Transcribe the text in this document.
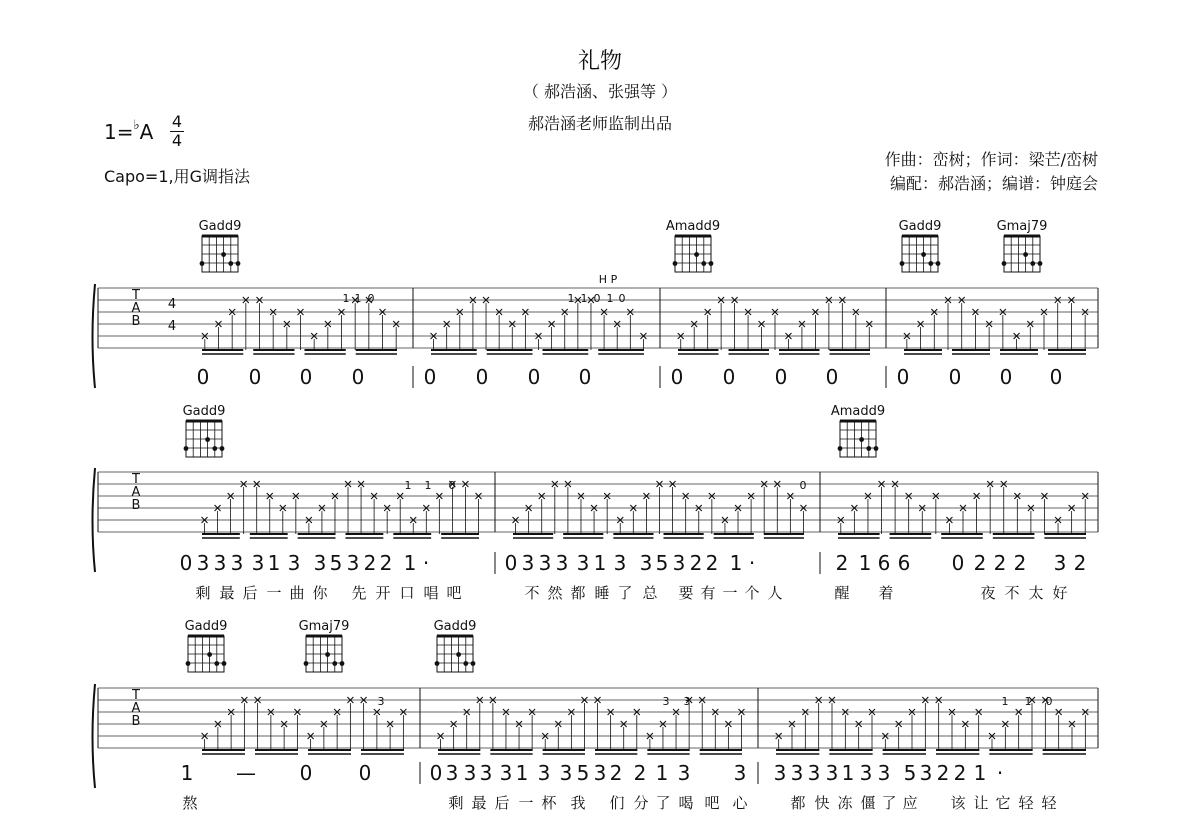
礼物
（ 郝浩涵、张强等 ）
郝浩涵老师监制出品
1=♭A 4
4
Capo=1,用G调指法
作曲：峦树；作词：梁芒/峦树
编配：郝浩涵；编谱：钟庭会
T
A
B
4
4
Gadd9	Amadd9	Gadd9	Gmaj79
1 1 0	1 1 0 1 0
H P
0 0 0 0	0 0 0 0	0 0 0 0	0 0 0 0
T
A
B
Gadd9	Amadd9
1 1 0	0
0 3 3 3 3 1 3 3 5 3 2 2 1 ·	0 3 3 3 3 1 3 3 5 3 2 2 1 ·	2 1 6 6 0 2 2 2 3 2
剩 最 后 一 曲 你 先 开 口 唱 吧	不 然 都 睡 了 总 要 有 一 个 人	醒 着	夜 不 太 好
T
A
B
Gadd9	Gmaj79	Gadd9
3	3 3	1 1 0
1 — 0 0	0 3 3 3 3 1 3 3 5 3 2 2 1 3 3 3 3 3 3 1 3 3 5 3 2 2 1 ·
熬	剩 最 后 一 杯 我 们 分 了 喝 吧 心	都 快 冻 僵 了 应 该 让 它 轻 轻
